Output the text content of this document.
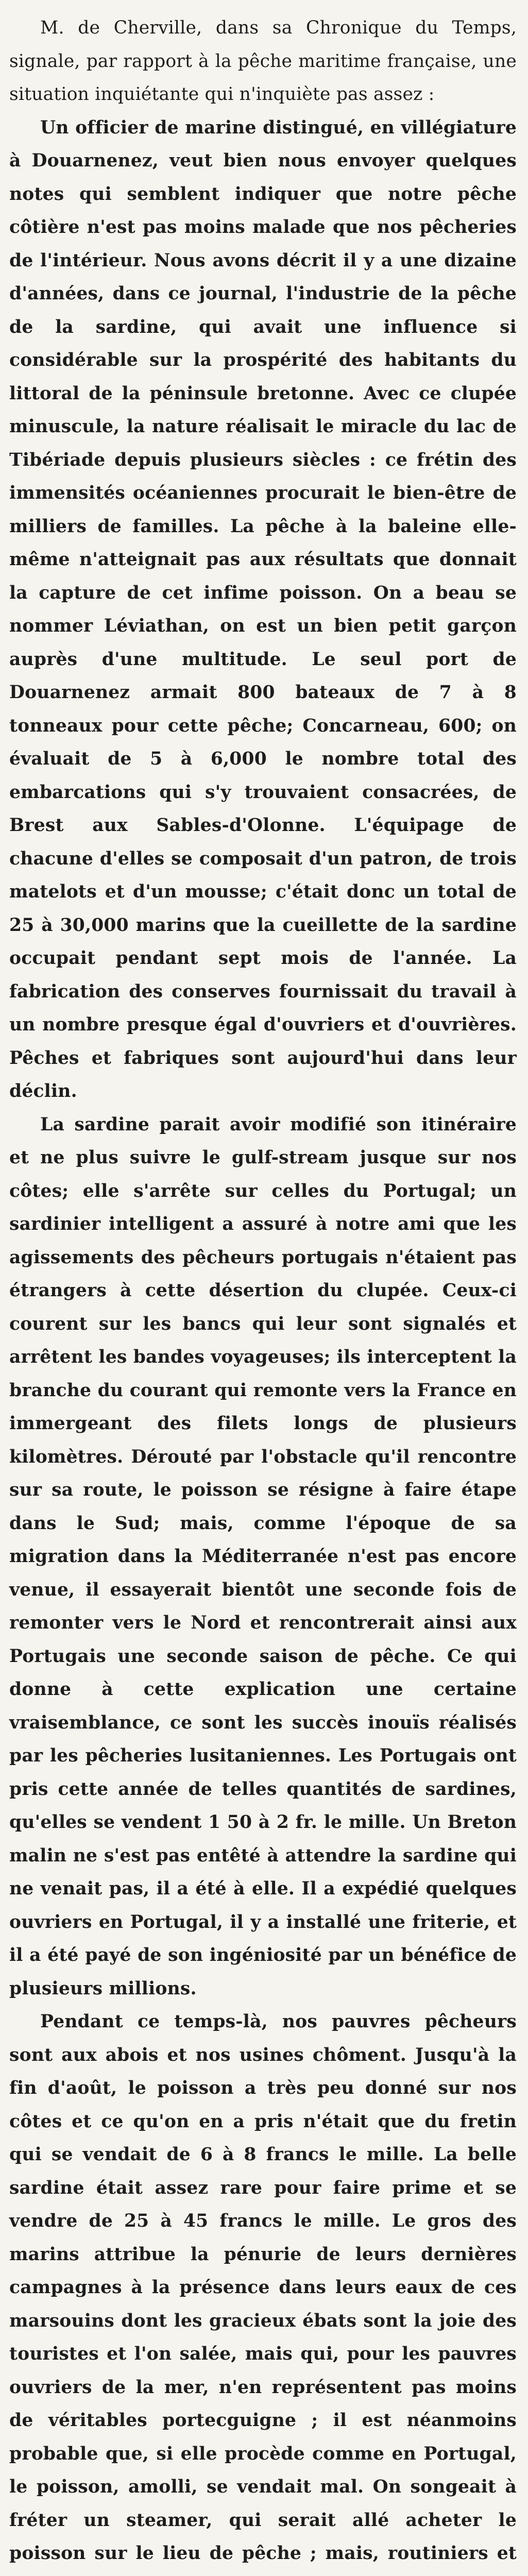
M. de Cherville, dans sa Chronique du Temps, signale, par rapport à la pêche maritime française, une situation inquiétante qui n'inquiète pas assez :

Un officier de marine distingué, en villégiature à Douarnenez, veut bien nous envoyer quelques notes qui semblent indiquer que notre pêche côtière n'est pas moins malade que nos pêcheries de l'intérieur. Nous avons décrit il y a une dizaine d'années, dans ce journal, l'industrie de la pêche de la sardine, qui avait une influence si considérable sur la prospérité des habitants du littoral de la péninsule bretonne. Avec ce clupée minuscule, la nature réalisait le miracle du lac de Tibériade depuis plusieurs siècles : ce frétin des immensités océaniennes procurait le bien-être de milliers de familles. La pêche à la baleine elle-même n'atteignait pas aux résultats que donnait la capture de cet infime poisson. On a beau se nommer Léviathan, on est un bien petit garçon auprès d'une multitude. Le seul port de Douarnenez armait 800 bateaux de 7 à 8 tonneaux pour cette pêche; Concarneau, 600; on évaluait de 5 à 6,000 le nombre total des embarcations qui s'y trouvaient consacrées, de Brest aux Sables-d'Olonne. L'équipage de chacune d'elles se composait d'un patron, de trois matelots et d'un mousse; c'était donc un total de 25 à 30,000 marins que la cueillette de la sardine occupait pendant sept mois de l'année. La fabrication des conserves fournissait du travail à un nombre presque égal d'ouvriers et d'ouvrières. Pêches et fabriques sont aujourd'hui dans leur déclin.

La sardine parait avoir modifié son itinéraire et ne plus suivre le gulf-stream jusque sur nos côtes; elle s'arrête sur celles du Portugal; un sardinier intelligent a assuré à notre ami que les agissements des pêcheurs portugais n'étaient pas étrangers à cette désertion du clupée. Ceux-ci courent sur les bancs qui leur sont signalés et arrêtent les bandes voyageuses; ils interceptent la branche du courant qui remonte vers la France en immergeant des filets longs de plusieurs kilomètres. Dérouté par l'obstacle qu'il rencontre sur sa route, le poisson se résigne à faire étape dans le Sud; mais, comme l'époque de sa migration dans la Méditerranée n'est pas encore venue, il essayerait bientôt une seconde fois de remonter vers le Nord et rencontrerait ainsi aux Portugais une seconde saison de pêche. Ce qui donne à cette explication une certaine vraisemblance, ce sont les succès inouïs réalisés par les pêcheries lusitaniennes. Les Portugais ont pris cette année de telles quantités de sardines, qu'elles se vendent 1 50 à 2 fr. le mille. Un Breton malin ne s'est pas entêté à attendre la sardine qui ne venait pas, il a été à elle. Il a expédié quelques ouvriers en Portugal, il y a installé une friterie, et il a été payé de son ingéniosité par un bénéfice de plusieurs millions.

Pendant ce temps-là, nos pauvres pêcheurs sont aux abois et nos usines chôment. Jusqu'à la fin d'août, le poisson a très peu donné sur nos côtes et ce qu'on en a pris n'était que du fretin qui se vendait de 6 à 8 francs le mille. La belle sardine était assez rare pour faire prime et se vendre de 25 à 45 francs le mille. Le gros des marins attribue la pénurie de leurs dernières campagnes à la présence dans leurs eaux de ces marsouins dont les gracieux ébats sont la joie des touristes et l'on salée, mais qui, pour les pauvres ouvriers de la mer, n'en représentent pas moins de véritables portecguigne ; il est néanmoins probable que, si elle procède comme en Portugal, le poisson, amolli, se vendait mal. On songeait à fréter un steamer, qui serait allé acheter le poisson sur le lieu de pêche ; mais, routiniers et
